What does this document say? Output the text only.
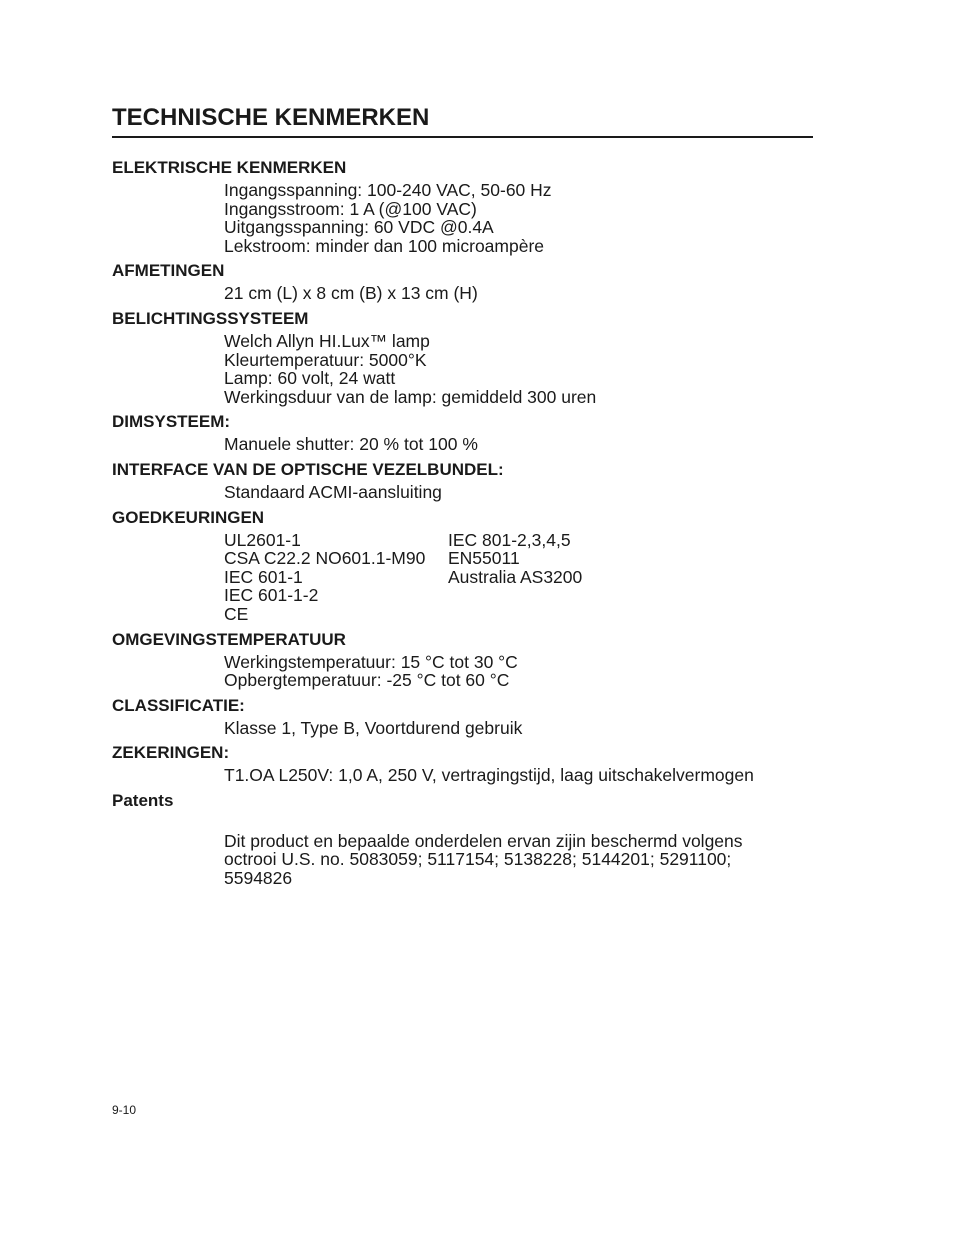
TECHNISCHE KENMERKEN
ELEKTRISCHE KENMERKEN
Ingangsspanning: 100-240 VAC, 50-60 Hz
Ingangsstroom: 1 A (@100 VAC)
Uitgangsspanning: 60 VDC @0.4A
Lekstroom: minder dan 100 microampère
AFMETINGEN
21 cm (L) x 8 cm (B) x 13 cm (H)
BELICHTINGSSYSTEEM
Welch Allyn HI.Lux™ lamp
Kleurtemperatuur: 5000°K
Lamp: 60 volt, 24 watt
Werkingsduur van de lamp: gemiddeld 300 uren
DIMSYSTEEM:
Manuele shutter: 20 % tot 100 %
INTERFACE VAN DE OPTISCHE VEZELBUNDEL:
Standaard ACMI-aansluiting
GOEDKEURINGEN
UL2601-1
CSA C22.2 NO601.1-M90
IEC 601-1
IEC 601-1-2
CE
IEC 801-2,3,4,5
EN55011
Australia AS3200
OMGEVINGSTEMPERATUUR
Werkingstemperatuur: 15 °C tot 30 °C
Opbergtemperatuur: -25 °C tot 60 °C
CLASSIFICATIE:
Klasse 1, Type B, Voortdurend gebruik
ZEKERINGEN:
T1.OA L250V: 1,0 A, 250 V, vertragingstijd, laag uitschakelvermogen
Patents
Dit product en bepaalde onderdelen ervan zijin beschermd volgens
octrooi U.S. no. 5083059; 5117154; 5138228; 5144201; 5291100;
5594826
9-10
